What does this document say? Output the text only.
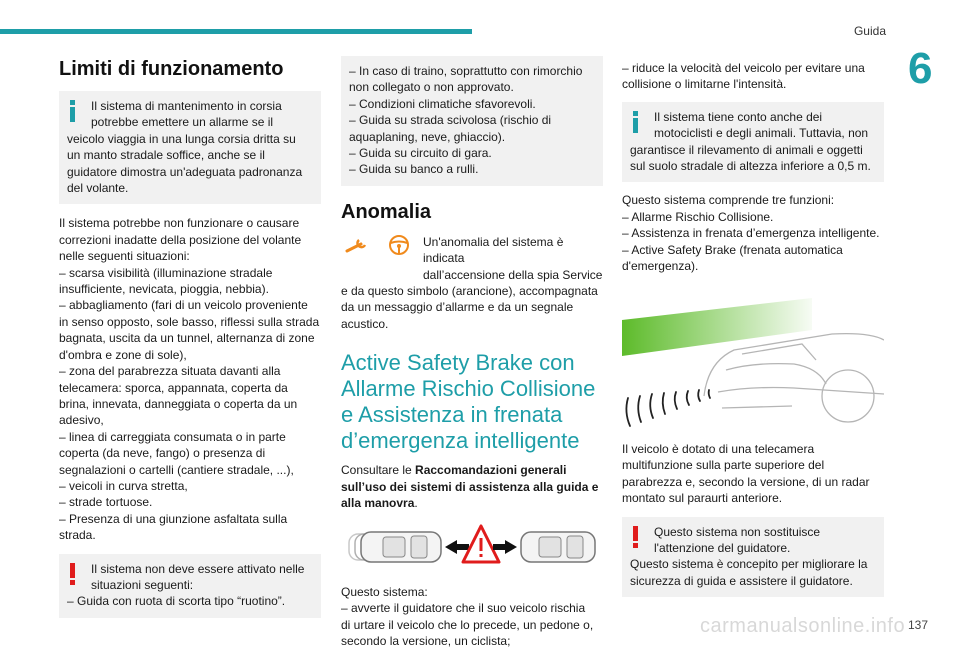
Guida
6
Limiti di funzionamento

Il sistema di mantenimento in corsia
potrebbe emettere un allarme se il
veicolo viaggia in una lunga corsia dritta su
un manto stradale soffice, anche se il
guidatore dimostra un'adeguata padronanza
del volante.

Il sistema potrebbe non funzionare o causare
correzioni inadatte della posizione del volante
nelle seguenti situazioni:
– scarsa visibilità (illuminazione stradale
insufficiente, nevicata, pioggia, nebbia).
– abbagliamento (fari di un veicolo proveniente
in senso opposto, sole basso, riflessi sulla strada
bagnata, uscita da un tunnel, alternanza di zone
d'ombra e zone di sole),
– zona del parabrezza situata davanti alla
telecamera: sporca, appannata, coperta da
brina, innevata, danneggiata o coperta da un
adesivo,
– linea di carreggiata consumata o in parte
coperta (da neve, fango) o presenza di
segnalazioni o cartelli (cantiere stradale, ...),
– veicoli in curva stretta,
– strade tortuose.
– Presenza di una giunzione asfaltata sulla
strada.

Il sistema non deve essere attivato nelle
situazioni seguenti:
– Guida con ruota di scorta tipo “ruotino”.

– In caso di traino, soprattutto con rimorchio
non collegato o non approvato.
– Condizioni climatiche sfavorevoli.
– Guida su strada scivolosa (rischio di
aquaplaning, neve, ghiaccio).
– Guida su circuito di gara.
– Guida su banco a rulli.

Anomalia

Un'anomalia del sistema è indicata
dall’accensione della spia Service
e da questo simbolo (arancione), accompagnata
da un messaggio d’allarme e da un segnale
acustico.

Active Safety Brake con
Allarme Rischio Collisione
e Assistenza in frenata
d’emergenza intelligente

Consultare le Raccomandazioni generali
sull’uso dei sistemi di assistenza alla guida e
alla manovra.

Questo sistema:
– avverte il guidatore che il suo veicolo rischia
di urtare il veicolo che lo precede, un pedone o,
secondo la versione, un ciclista;

– riduce la velocità del veicolo per evitare una
collisione o limitarne l'intensità.

Il sistema tiene conto anche dei
motociclisti e degli animali. Tuttavia, non
garantisce il rilevamento di animali e oggetti
sul suolo stradale di altezza inferiore a 0,5 m.

Questo sistema comprende tre funzioni:
– Allarme Rischio Collisione.
– Assistenza in frenata d’emergenza intelligente.
– Active Safety Brake (frenata automatica
d'emergenza).

Il veicolo è dotato di una telecamera
multifunzione sulla parte superiore del
parabrezza e, secondo la versione, di un radar
montato sul paraurti anteriore.

Questo sistema non sostituisce
l'attenzione del guidatore.
Questo sistema è concepito per migliorare la
sicurezza di guida e assistere il guidatore.

carmanualsonline.info 137
